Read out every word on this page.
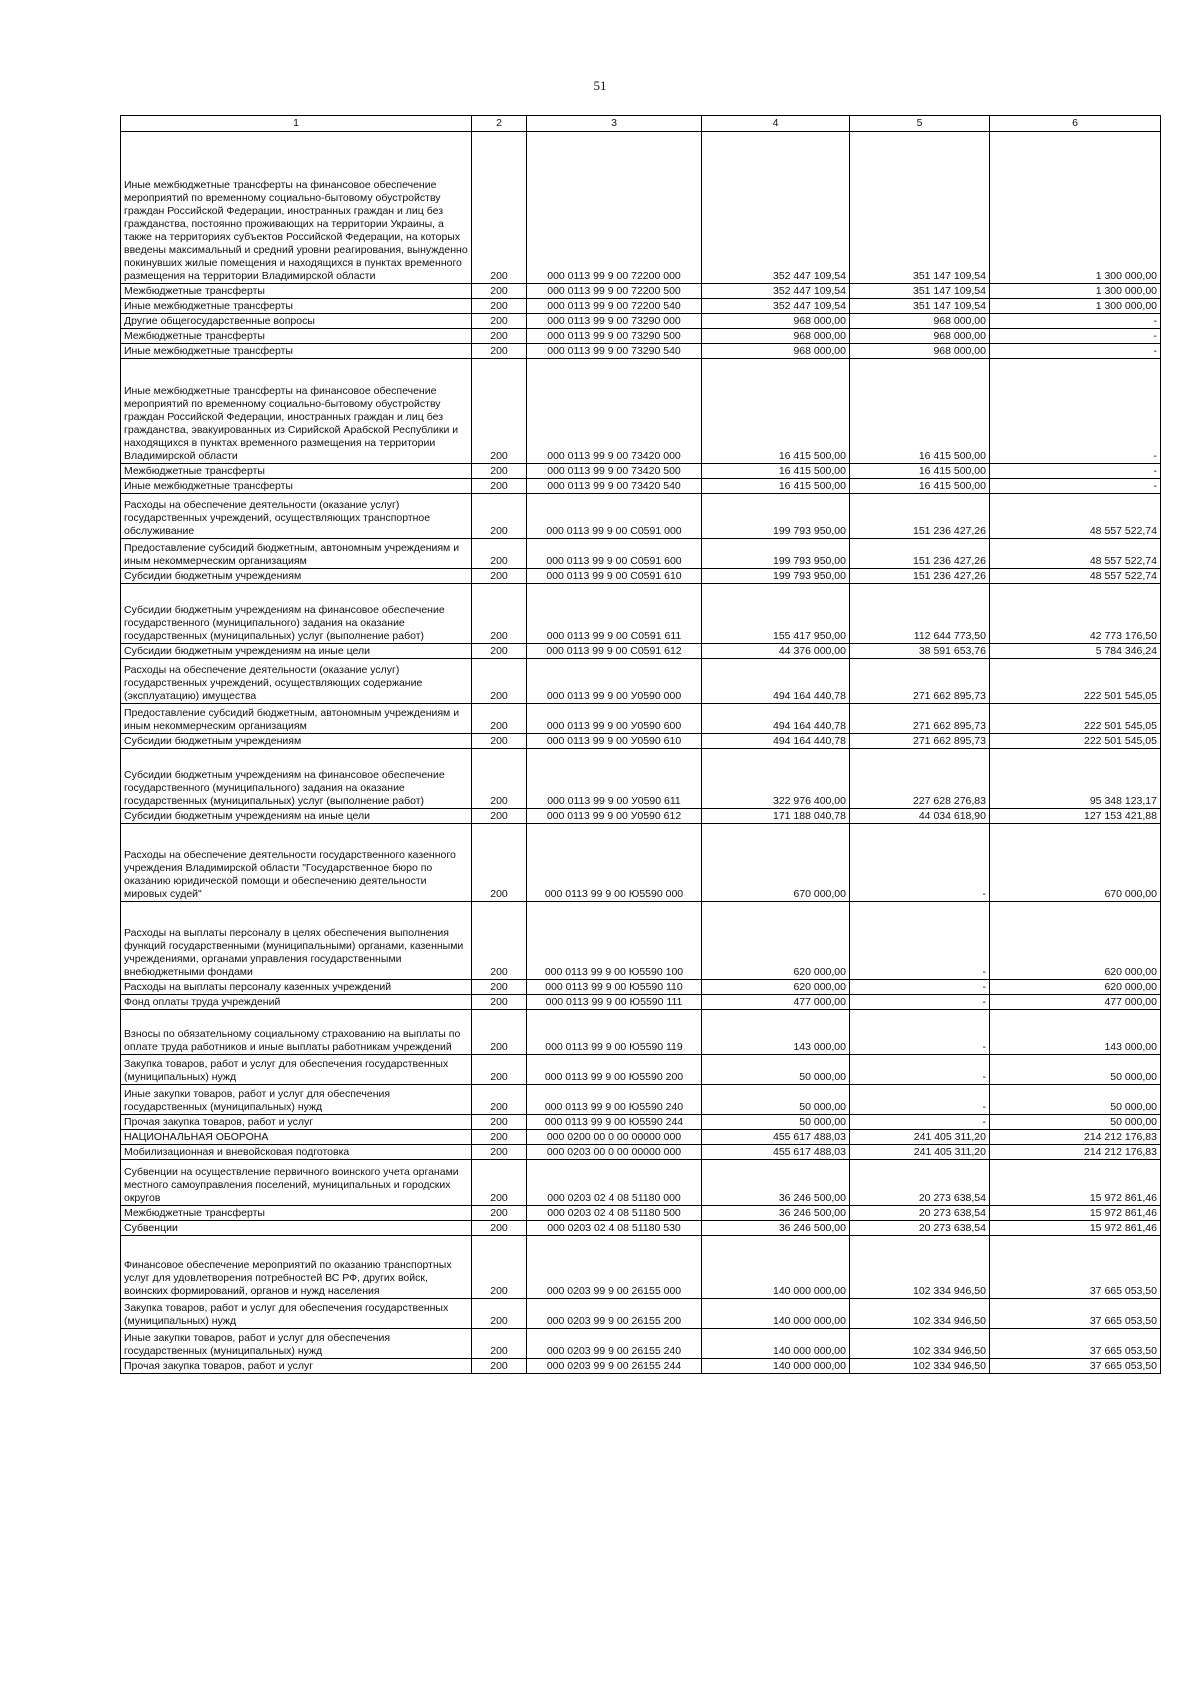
51
1	2	3	4	5	6
Иные межбюджетные трансферты на финансовое обеспечение мероприятий по временному социально-бытовому обустройству граждан Российской Федерации, иностранных граждан и лиц без гражданства, постоянно проживающих на территории Украины, а также на территориях субъектов Российской Федерации, на которых введены максимальный и средний уровни реагирования, вынужденно покинувших жилые помещения и находящихся в пунктах временного размещения на территории Владимирской области	200	000 0113 99 9 00 72200 000	352 447 109,54	351 147 109,54	1 300 000,00
Межбюджетные трансферты	200	000 0113 99 9 00 72200 500	352 447 109,54	351 147 109,54	1 300 000,00
Иные межбюджетные трансферты	200	000 0113 99 9 00 72200 540	352 447 109,54	351 147 109,54	1 300 000,00
Другие общегосударственные вопросы	200	000 0113 99 9 00 73290 000	968 000,00	968 000,00	-
Межбюджетные трансферты	200	000 0113 99 9 00 73290 500	968 000,00	968 000,00	-
Иные межбюджетные трансферты	200	000 0113 99 9 00 73290 540	968 000,00	968 000,00	-
Иные межбюджетные трансферты на финансовое обеспечение мероприятий по временному социально-бытовому обустройству граждан Российской Федерации, иностранных граждан и лиц без гражданства, эвакуированных из Сирийской Арабской Республики и находящихся в пунктах временного размещения на территории Владимирской области	200	000 0113 99 9 00 73420 000	16 415 500,00	16 415 500,00	-
Межбюджетные трансферты	200	000 0113 99 9 00 73420 500	16 415 500,00	16 415 500,00	-
Иные межбюджетные трансферты	200	000 0113 99 9 00 73420 540	16 415 500,00	16 415 500,00	-
Расходы на обеспечение деятельности (оказание услуг) государственных учреждений, осуществляющих транспортное обслуживание	200	000 0113 99 9 00 С0591 000	199 793 950,00	151 236 427,26	48 557 522,74
Предоставление субсидий бюджетным, автономным учреждениям и иным некоммерческим организациям	200	000 0113 99 9 00 С0591 600	199 793 950,00	151 236 427,26	48 557 522,74
Субсидии бюджетным учреждениям	200	000 0113 99 9 00 С0591 610	199 793 950,00	151 236 427,26	48 557 522,74
Субсидии бюджетным учреждениям на финансовое обеспечение государственного (муниципального) задания на оказание государственных (муниципальных) услуг (выполнение работ)	200	000 0113 99 9 00 С0591 611	155 417 950,00	112 644 773,50	42 773 176,50
Субсидии бюджетным учреждениям на иные цели	200	000 0113 99 9 00 С0591 612	44 376 000,00	38 591 653,76	5 784 346,24
Расходы на обеспечение деятельности (оказание услуг) государственных учреждений, осуществляющих содержание (эксплуатацию) имущества	200	000 0113 99 9 00 У0590 000	494 164 440,78	271 662 895,73	222 501 545,05
Предоставление субсидий бюджетным, автономным учреждениям и иным некоммерческим организациям	200	000 0113 99 9 00 У0590 600	494 164 440,78	271 662 895,73	222 501 545,05
Субсидии бюджетным учреждениям	200	000 0113 99 9 00 У0590 610	494 164 440,78	271 662 895,73	222 501 545,05
Субсидии бюджетным учреждениям на финансовое обеспечение государственного (муниципального) задания на оказание государственных (муниципальных) услуг (выполнение работ)	200	000 0113 99 9 00 У0590 611	322 976 400,00	227 628 276,83	95 348 123,17
Субсидии бюджетным учреждениям на иные цели	200	000 0113 99 9 00 У0590 612	171 188 040,78	44 034 618,90	127 153 421,88
Расходы на обеспечение деятельности государственного казенного учреждения Владимирской области "Государственное бюро по оказанию юридической помощи и обеспечению деятельности мировых судей"	200	000 0113 99 9 00 Ю5590 000	670 000,00	-	670 000,00
Расходы на выплаты персоналу в целях обеспечения выполнения функций государственными (муниципальными) органами, казенными учреждениями, органами управления государственными внебюджетными фондами	200	000 0113 99 9 00 Ю5590 100	620 000,00	-	620 000,00
Расходы на выплаты персоналу казенных учреждений	200	000 0113 99 9 00 Ю5590 110	620 000,00	-	620 000,00
Фонд оплаты труда учреждений	200	000 0113 99 9 00 Ю5590 111	477 000,00	-	477 000,00
Взносы по обязательному социальному страхованию на выплаты по оплате труда работников и иные выплаты работникам учреждений	200	000 0113 99 9 00 Ю5590 119	143 000,00	-	143 000,00
Закупка товаров, работ и услуг для обеспечения государственных (муниципальных) нужд	200	000 0113 99 9 00 Ю5590 200	50 000,00	-	50 000,00
Иные закупки товаров, работ и услуг для обеспечения государственных (муниципальных) нужд	200	000 0113 99 9 00 Ю5590 240	50 000,00	-	50 000,00
Прочая закупка товаров, работ и услуг	200	000 0113 99 9 00 Ю5590 244	50 000,00	-	50 000,00
НАЦИОНАЛЬНАЯ ОБОРОНА	200	000 0200 00 0 00 00000 000	455 617 488,03	241 405 311,20	214 212 176,83
Мобилизационная и вневойсковая подготовка	200	000 0203 00 0 00 00000 000	455 617 488,03	241 405 311,20	214 212 176,83
Субвенции на осуществление первичного воинского учета органами местного самоуправления поселений, муниципальных и городских округов	200	000 0203 02 4 08 51180 000	36 246 500,00	20 273 638,54	15 972 861,46
Межбюджетные трансферты	200	000 0203 02 4 08 51180 500	36 246 500,00	20 273 638,54	15 972 861,46
Субвенции	200	000 0203 02 4 08 51180 530	36 246 500,00	20 273 638,54	15 972 861,46
Финансовое обеспечение мероприятий по оказанию транспортных услуг для удовлетворения потребностей ВС РФ, других войск, воинских формирований, органов и нужд населения	200	000 0203 99 9 00 26155 000	140 000 000,00	102 334 946,50	37 665 053,50
Закупка товаров, работ и услуг для обеспечения государственных (муниципальных) нужд	200	000 0203 99 9 00 26155 200	140 000 000,00	102 334 946,50	37 665 053,50
Иные закупки товаров, работ и услуг для обеспечения государственных (муниципальных) нужд	200	000 0203 99 9 00 26155 240	140 000 000,00	102 334 946,50	37 665 053,50
Прочая закупка товаров, работ и услуг	200	000 0203 99 9 00 26155 244	140 000 000,00	102 334 946,50	37 665 053,50
